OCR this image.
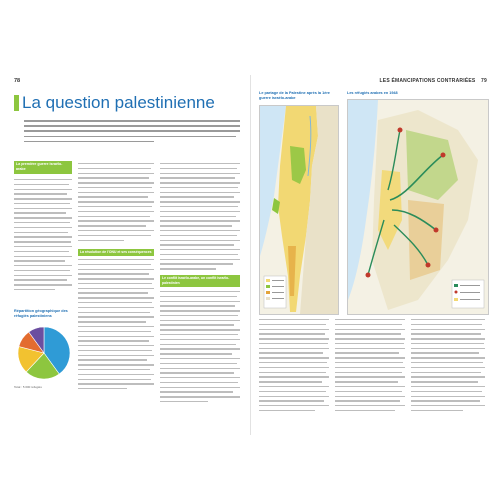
78
La question palestinienne
La première guerre israélo-arabe
La résolution de l'ONU et ses conséquences
Le conflit israélo-arabe, un conflit israélo-palestinien
Répartition géographique des réfugiés palestiniens
Total : 5 000 réfugiés
LES ÉMANCIPATIONS CONTRARIÉES 79
Le partage de la Palestine après la 1ère guerre israélo-arabe
Les réfugiés arabes en 1948
